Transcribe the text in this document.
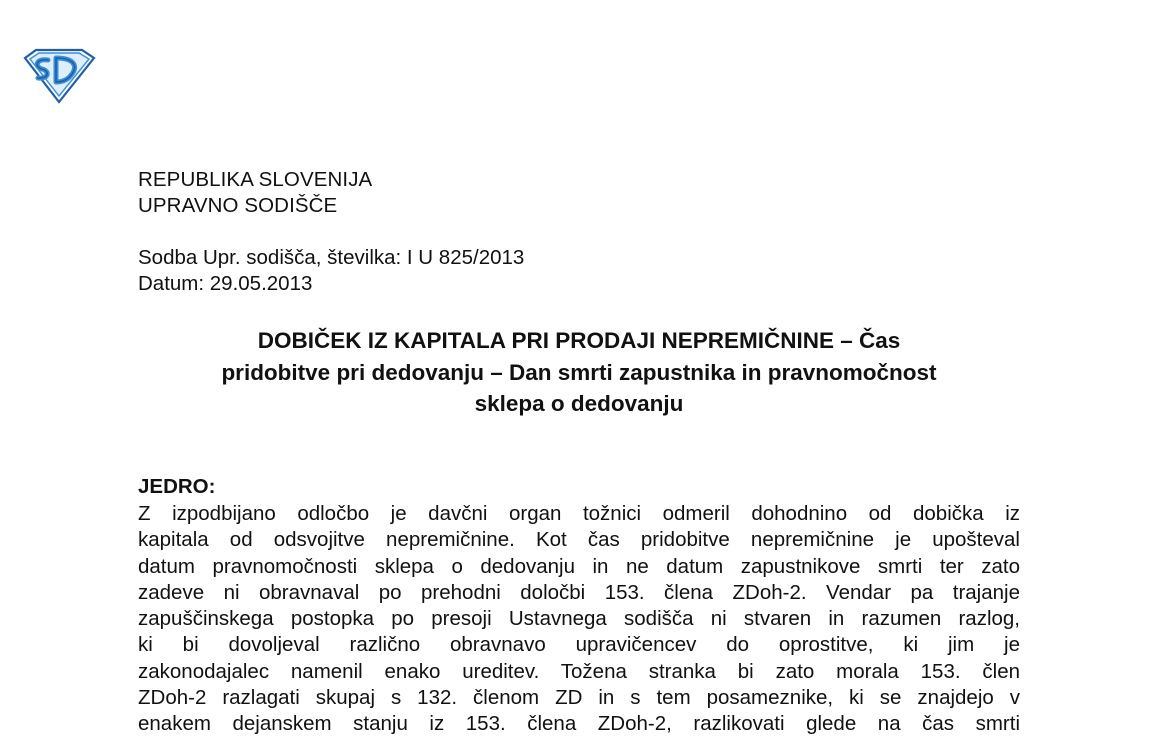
REPUBLIKA SLOVENIJA
UPRAVNO SODIŠČE
Sodba Upr. sodišča, številka: I U 825/2013
Datum: 29.05.2013
DOBIČEK IZ KAPITALA PRI PRODAJI NEPREMIČNINE – Čas
pridobitve pri dedovanju – Dan smrti zapustnika in pravnomočnost
sklepa o dedovanju
JEDRO:
Z izpodbijano odločbo je davčni organ tožnici odmeril dohodnino od dobička iz
kapitala od odsvojitve nepremičnine. Kot čas pridobitve nepremičnine je upošteval
datum pravnomočnosti sklepa o dedovanju in ne datum zapustnikove smrti ter zato
zadeve ni obravnaval po prehodni določbi 153. člena ZDoh-2. Vendar pa trajanje
zapuščinskega postopka po presoji Ustavnega sodišča ni stvaren in razumen razlog,
ki bi dovoljeval različno obravnavo upravičencev do oprostitve, ki jim je
zakonodajalec namenil enako ureditev. Tožena stranka bi zato morala 153. člen
ZDoh-2 razlagati skupaj s 132. členom ZD in s tem posameznike, ki se znajdejo v
enakem dejanskem stanju iz 153. člena ZDoh-2, razlikovati glede na čas smrti
